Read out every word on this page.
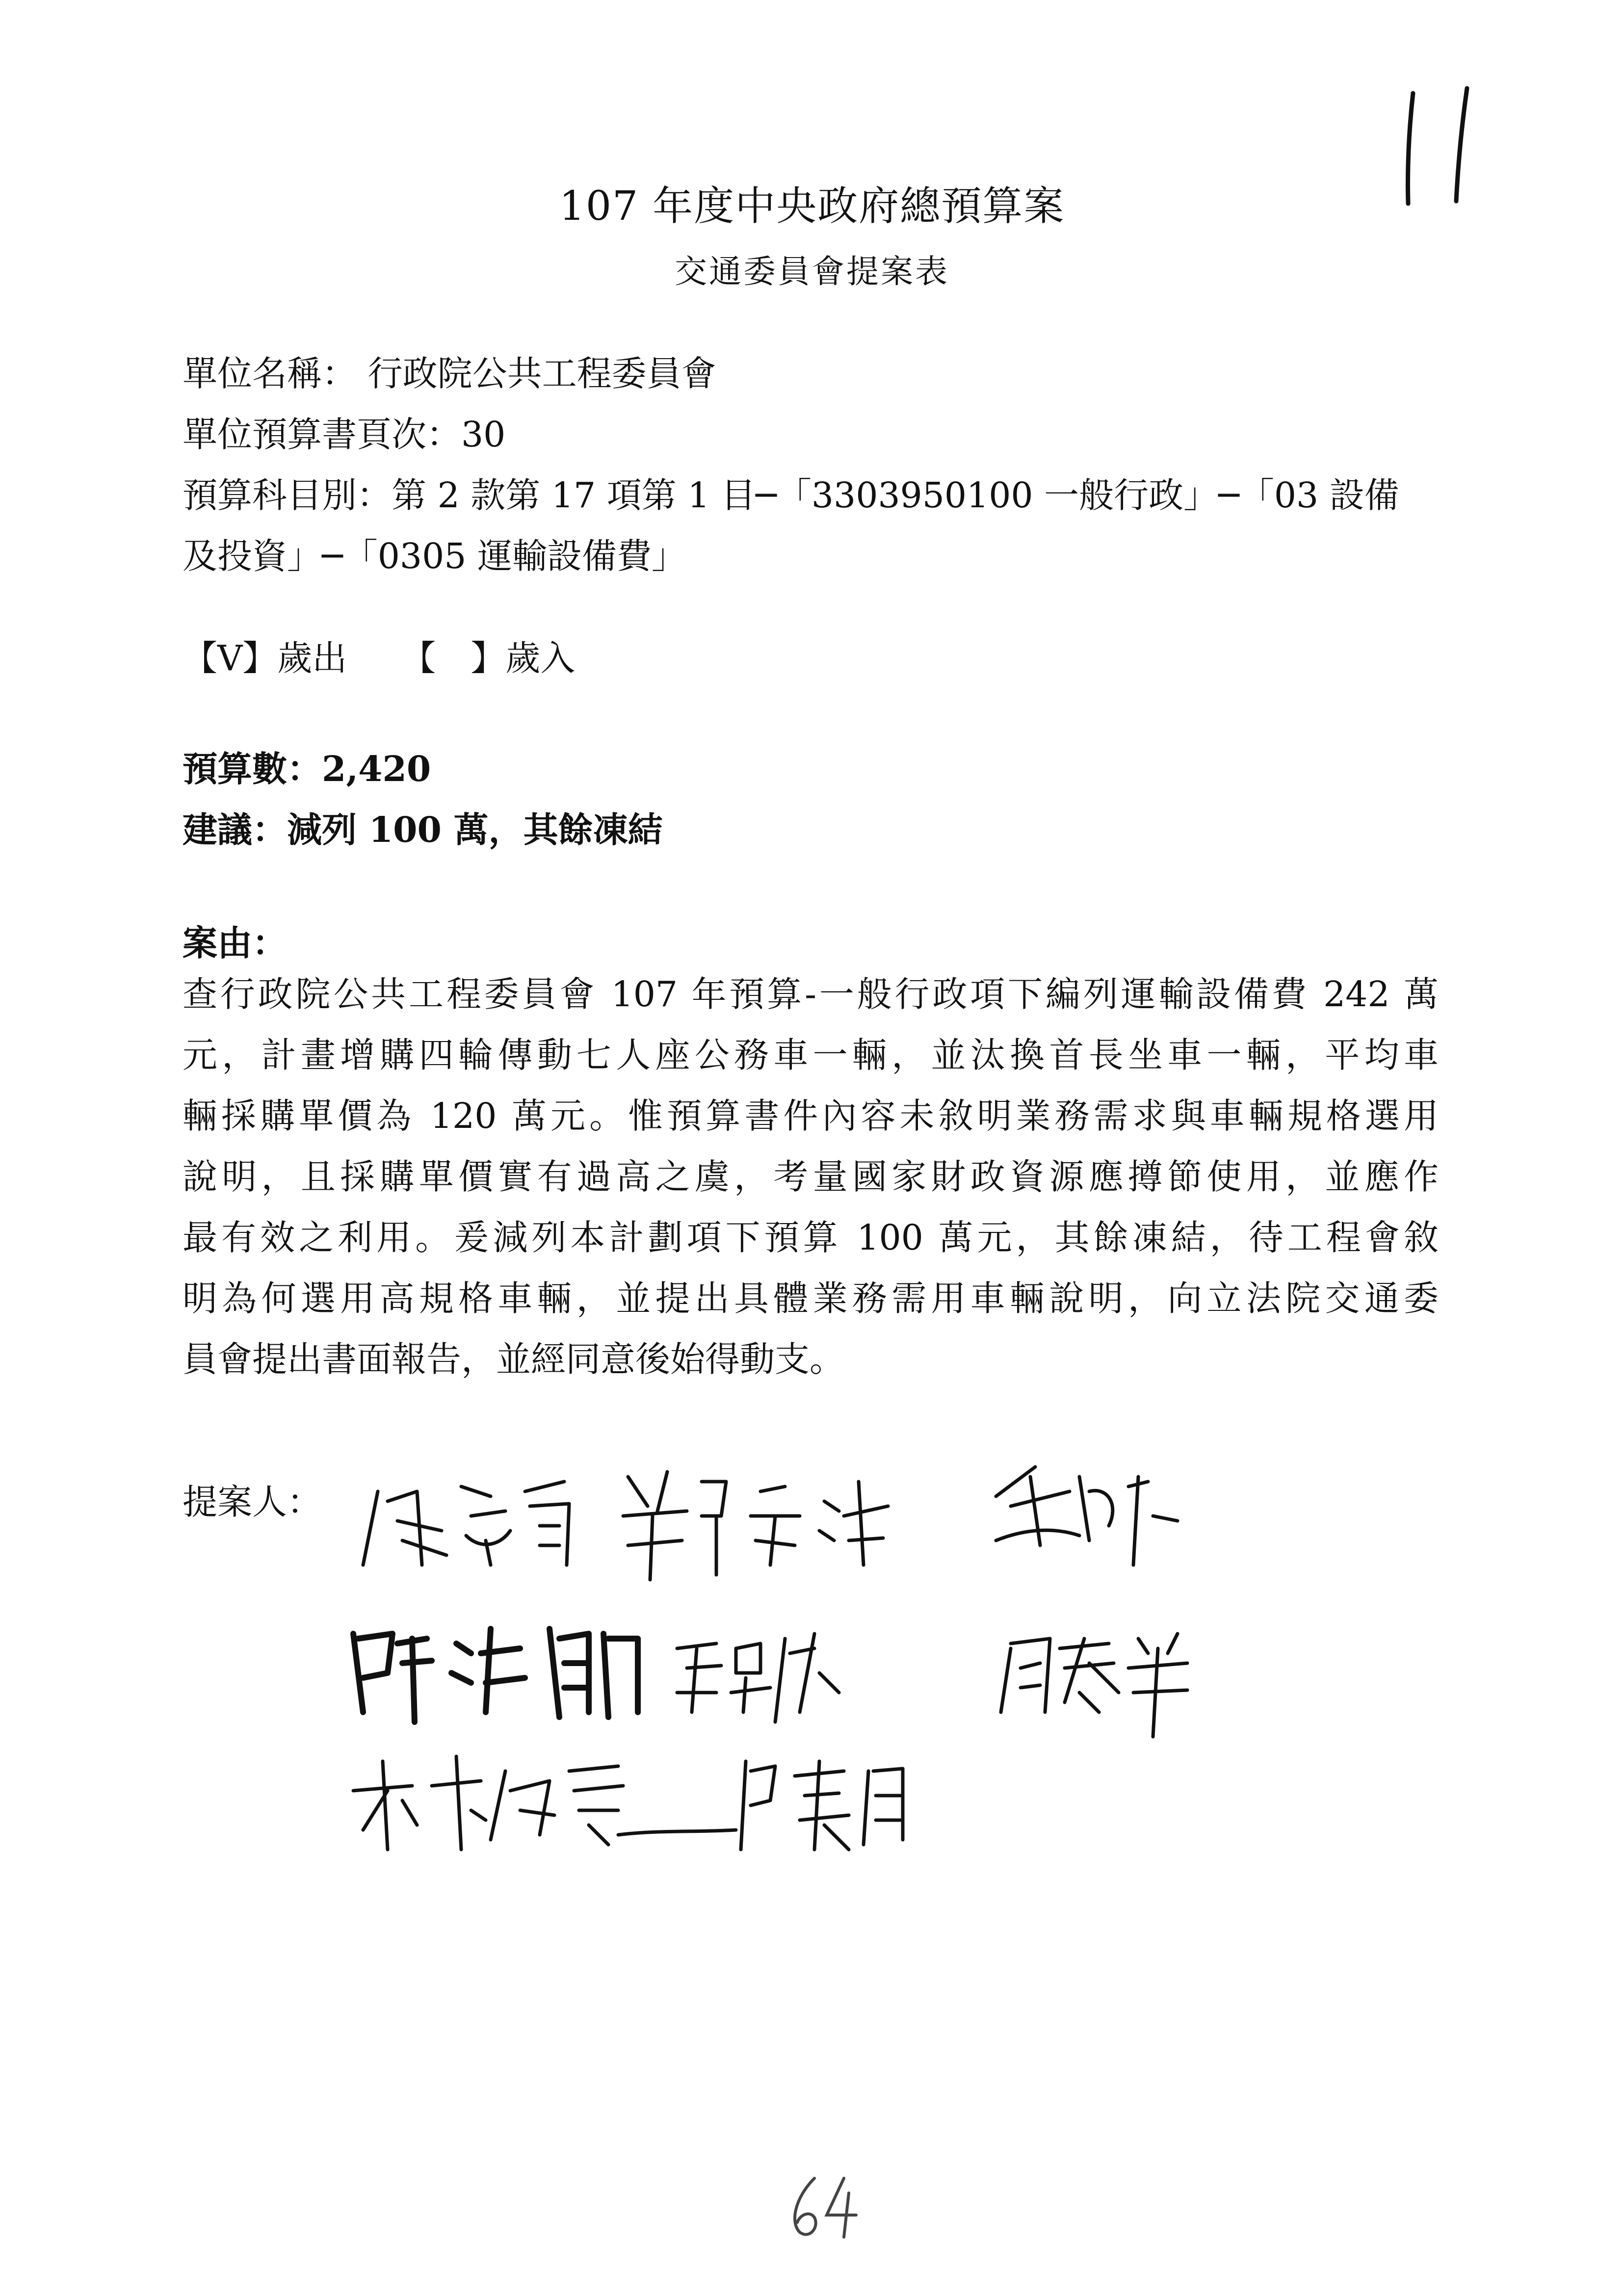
107 年度中央政府總預算案
交通委員會提案表
單位名稱： 行政院公共工程委員會
單位預算書頁次：30
預算科目別：第 2 款第 17 項第 1 目─「3303950100 一般行政」─「03 設備
及投資」─「0305 運輸設備費」
【V】歲出 【　】歲入
預算數：2,420
建議：減列 100 萬，其餘凍結
案由：
查行政院公共工程委員會 107 年預算-一般行政項下編列運輸設備費 242 萬
元，計畫增購四輪傳動七人座公務車一輛，並汰換首長坐車一輛，平均車
輛採購單價為 120 萬元。惟預算書件內容未敘明業務需求與車輛規格選用
說明，且採購單價實有過高之虞，考量國家財政資源應撙節使用，並應作
最有效之利用。爰減列本計劃項下預算 100 萬元，其餘凍結，待工程會敘
明為何選用高規格車輛，並提出具體業務需用車輛說明，向立法院交通委
員會提出書面報告，並經同意後始得動支。
提案人：
